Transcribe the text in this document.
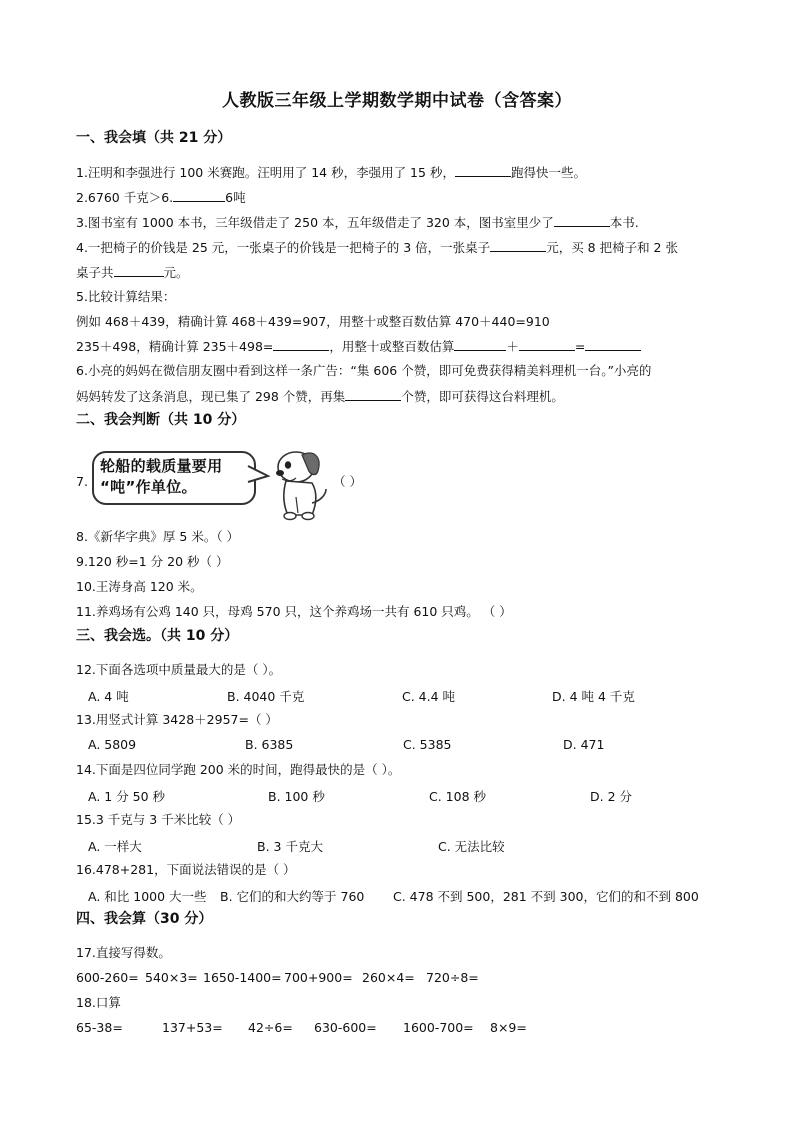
人教版三年级上学期数学期中试卷（含答案）
一、我会填（共 21 分）
1.汪明和李强进行 100 米赛跑。汪明用了 14 秒，李强用了 15 秒，	跑得快一些。
2.6760 千克＞6.	6吨
3.图书室有 1000 本书，三年级借走了 250 本，五年级借走了 320 本，图书室里少了	本书.
4.一把椅子的价钱是 25 元，一张桌子的价钱是一把椅子的 3 倍，一张桌子	元，买 8 把椅子和 2 张
桌子共	元。
5.比较计算结果：
例如 468＋439，精确计算 468＋439=907，用整十或整百数估算 470＋440=910
235＋498，精确计算 235＋498=	，用整十或整百数估算	＋	=
6.小亮的妈妈在微信朋友圈中看到这样一条广告：“集 606 个赞，即可免费获得精美料理机一台。”小亮的
妈妈转发了这条消息，现已集了 298 个赞，再集	个赞，即可获得这台料理机。
二、我会判断（共 10 分）
7.
轮船的载质量要用
“吨”作单位。	（ ）
8.《新华字典》厚 5 米。（ ）
9.120 秒=1 分 20 秒（ ）
10.王涛身高 120 米。
11.养鸡场有公鸡 140 只，母鸡 570 只，这个养鸡场一共有 610 只鸡。 （ ）
三、我会选。（共 10 分）
12.下面各选项中质量最大的是（ ）。
A. 4 吨	B. 4040 千克	C. 4.4 吨	D. 4 吨 4 千克
13.用竖式计算 3428＋2957=（ ）
A. 5809	B. 6385	C. 5385	D. 471
14.下面是四位同学跑 200 米的时间，跑得最快的是（ ）。
A. 1 分 50 秒	B. 100 秒	C. 108 秒	D. 2 分
15.3 千克与 3 千米比较（ ）
A. 一样大	B. 3 千克大	C. 无法比较
16.478+281，下面说法错误的是（ ）
A. 和比 1000 大一些 B. 它们的和大约等于 760 C. 478 不到 500，281 不到 300，它们的和不到 800
四、我会算（30 分）
17.直接写得数。
600-260= 540×3= 1650-1400= 700+900= 260×4= 720÷8=
18.口算
65-38=	137+53= 42÷6= 630-600= 1600-700= 8×9=
